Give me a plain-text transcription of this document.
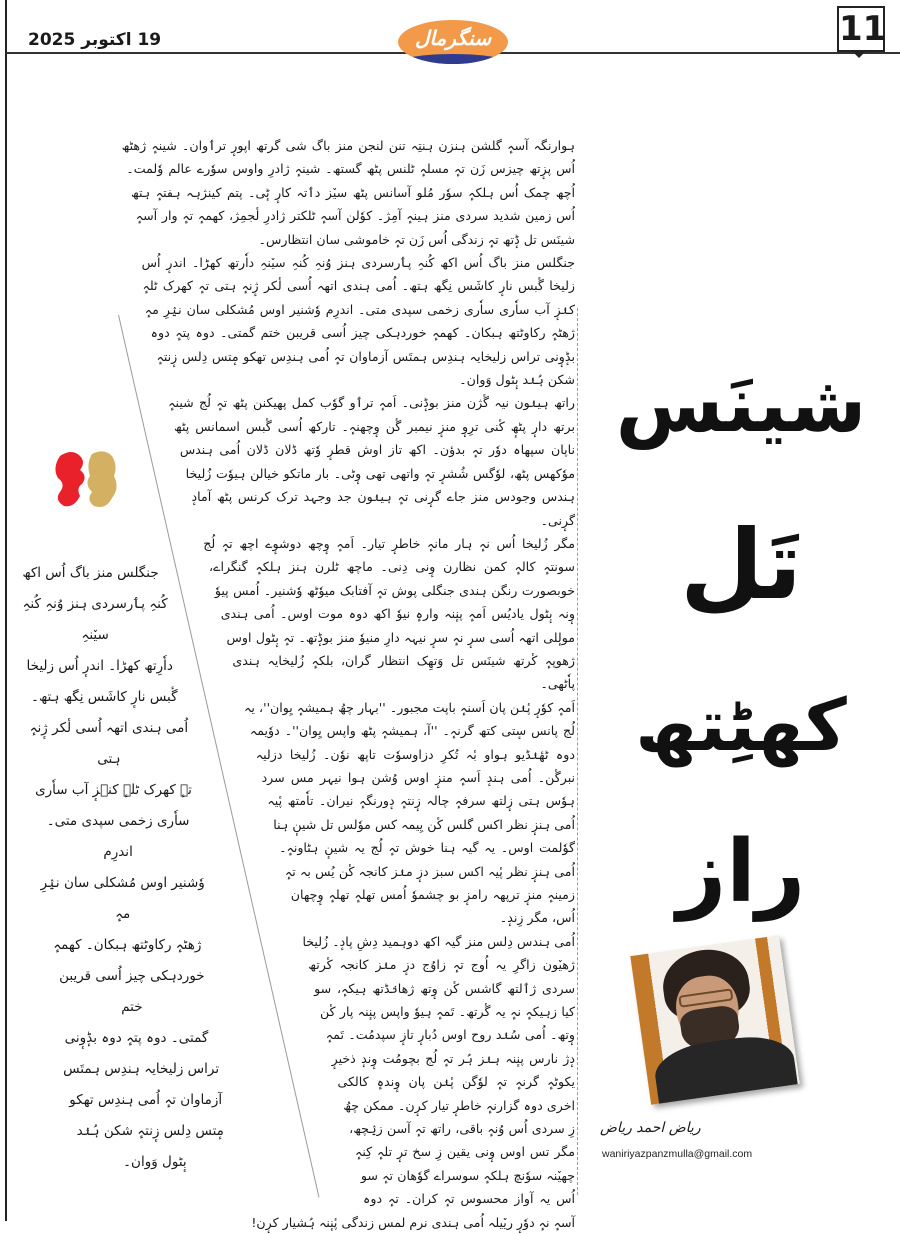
19 اکتوبر 2025	سنگرمال	11

ہوارنگہ آسہٕ گلشن ہنزن ہنتِہ تنن لنجن منز باگ شی گرتھ اپورٕ ترٲوان۔ شینہٕ ژھٹھ اُس پزٕتھ چیزس زَن تہٕ مسلہٕ ٹلنس پٹھ گستھ۔ شینہٕ ژادرِ واوس سوٗرے عالم وٗلمت۔ اُچھ چمک اُس ہلکہٕ سوٗر مُلو آسانس پٹھ سیٚز دٲتہ کارٕ ٹٕی۔ پتم کینژہہ ہفتہٕ ہتھ اُس زمین شدید سردی منز ہینہٕ آمِژ۔ کوٗلن آسہٕ ٹلکتر ژادرِ لٔجمِژ، کھمہٕ تہٕ وار آسہٕ شینَس تل ڈٕتھ تہٕ زندگی اُس زَن تہٕ خاموشی سان انتظارس۔

جنگلس منز باگ اُس اکھ کُنہِ پٲرسردی ہنز وُنہِ کُنہِ سیٚنہِ داٗرتھ کھڑا۔ اندرٕ اُس زلیخا گٔبس نارٕ کاشَس نِگھ ہتھ۔ اُمی ہندی اتھہ اُسی لٔکر ژٕنہٕ ہتی تہٕ کھرک ٹلہٕ کنٛزٕ آب ساٗری ساٗری زخمی سپدی متی۔ اندرِم وٗشنیر اوس مُشکلی سان نیٛرِ مہٕ ژھٹہٕ رکاوٹتھ ہبکان۔ کھمہٕ خوردہکی چیز اُسی قریبن ختم گمتی۔ دوہ پتہٕ دوہ بڈٕوٕنی تراس زلیخایہ ہندِس ہمتَس آزماوان تہٕ اُمی ہندِس تھکو مٕتس دِلس زٕنتہٕ شکن ہُنٛد بٕٹول وَوان۔

راتھ ہینٛون نیہ گٔژن منز بوڈٕنی۔ اَمہٕ ترٲو گوٗب کمل پھیکنن پٹھ تہٕ لُج شینہٕ برتھ دارٕ پٹھٕ کٔنی ترِوٕ منزٕ نیمبر گٔن وٕچھنہٕ۔ تارکھ اُسی گٔبس اسمانس پٹھ ناپان سپھاہ دوٗر تہٕ بدؤن۔ اکھ تاز اوش قطرٕ وٗتھ ڈلان ڈلان اُمی ہندس موٗکھس پٹھ، لوٗگس شُشرٕ تہٕ واتھی تھی وٕٹی۔ بار ماتکو خیالن ہیوٗت زُلیخا ہندس وجودس منز جاے گرٕنی تہٕ ہینٛون جد وجہد ترک کرنس پٹھ آمادٕ گرٕنی۔

مگر زُلیخا اُس نہٕ ہار مانہٕ خاطرٕ تیار۔ اَمہٕ وٕچھ دوشوٕے اچھ تہٕ لُج سونتہٕ کالہٕ کمن نظارن وٕنی دِنی۔ ماچھ ٹلرن ہنز ہلکہٕ گنگراے، خوبصورت رنگن ہندی جنگلی پوش تہٕ آفتابک میوٗٹھ وٗشنیر۔ اُمس پیوٗ وٕنہ بٕٹول یادیُس اَمہٕ پنٕنہ وارہٕ نیوٗ اکھ دوہ موت اوس۔ اُمی ہندی مولٕلی اتھہ اُسی سرٕ نہٕ سرٕ نیہہ دارِ منیوٗ منز بوڈٕتھ۔ تہٕ بٕٹول اوس ژھوپہٕ کٔرتھ شینَس تل وَتھِک انتظار گران، بلکہٕ زُلیخایہ ہندی پاٗٹھی۔

اَمہٕ کوٗرٕ پٔنٛن پان اَسنہٕ باپت مجبور۔ ''بہار چھُ ہمیشہٕ یِوان''، یہ لُج پانس سٕتی کتھ گرنہٕ۔ ''آ، ہمیشہٕ پٹھ واپس یِوان''۔ دوٗیمہ دوہ ٹھٔنٛڈیو ہواو بٔہ تُکرِ دزاوسوٗت تاپھ نوٗن۔ زُلیخا دزلیہ نبرگٔن۔ اُمی ہندٕ اَسہٕ منزٕ اوس وُشن ہوا نیہر مس سرد ہوٗس ہتی زٕلتھ سرفہٕ چالہ زٕنتہٕ دٕورنگہٕ نیران۔ تاٗمتھ پٔیہ اُمی ہنزٕ نظر اکس گلس کٔن یِیمہ کس موٗلس تل شینٕ ہنا گوٗلمت اوس۔ یہ گیہ ہنا خوش تہٕ لُج یہ شینٕ ہٹاونہٕ۔ اُمی ہنزٕ نظر پٔیہ اکس سبز دزٕ منٛز کانجہ کٔن یُس بہ تہٕ زمینہٕ منزٕ ترپھہ رامزٕ بو چشموٗ اُمس تھلہٕ تھلہٕ وٕچھان اُس، مگر زِندٕ۔

اُمی ہندس دِلس منز گیہ اکھ دوہمید دِشِ پادٕ۔ زُلیخا ژھیٚون زاگرِ یہ اُوج تہٕ زاوُج دزٕ منٛز کانجہ کٔرتھ سردی ژٲلتھ گاشس کٔن وٕتھ ژھانٛڈتھ ہیکہٕ، سو کیا زہیکہٕ نہٕ یہ گٔرتھ۔ تَمہٕ ہیوٗ واپس پنٕنہ پار کٔن وٕتھ۔ اُمی سُنٛد روح اوس دُبارٕ تازٕ سپدمُت۔ تَمہٕ دٕژ نارس پنٕنہ ہنٛز ہُر تہٕ لُج بچومُت وٕندٕ ذخیرٕ یکوٹہٕ گرنہٕ تہٕ لوٗگن پٔنٛن پان وٕندہٕ کالکی اخری دوہ گزارنہٕ خاطرٕ تیار کرٕن۔ ممکن چھُ زِ سردی اُس وُنہٕ باقی، راتھ تہٕ آسن زیٛچھ، مگر تس اوس وٕنی یقین زِ سخ ترٕ تلہٕ کِنہٕ چھیٚنہ سوٗنچ ہلکہٕ سوسراے گوٗھان تہٕ سو اُس یہ آواز محسوس تہٕ کران۔ تہٕ دوہ آسہٕ نہٕ دوٗرٕ ریٚیلہ اُمی ہندی نرم لمس زندگی پٔنٕنہ ہُشیار کرٕن!

جنگلس منز باگ اُس اکھ
کُنہِ پٲرسردی ہنز وُنہِ کُنہِ سیٚنہِ
داٗرِتھ کھڑا۔ اندرٕ اُس زلیخا
گٔبس نارٕ کاشَس نِگھ ہتھ۔
اُمی ہندی اتھہ اُسی لٔکر ژٕنہٕ ہتی
تہٕ کھرک ٹلہٕ کنٛزٕ آب ساٗری
ساٗری زخمی سپدی متی۔ اندرِم
وٗشنیر اوس مُشکلی سان نیٛرِ مہٕ
ژھٹہٕ رکاوٹتھ ہبکان۔ کھمہٕ
خوردہکی چیز اُسی قریبن ختم
گمتی۔ دوہ پتہٕ دوہ بڈٕوٕنی
تراس زلیخایہ ہندِس ہمتَس
آزماوان تہٕ اُمی ہندِس تھکو
مٕتس دِلس زٕنتہٕ شکن ہُنٛد
بٕٹول وَوان۔
شینَس
تَل
کھٹِتھ
راز
ریاض احمد ریاض
waniriyazpanzmulla@gmail.com
